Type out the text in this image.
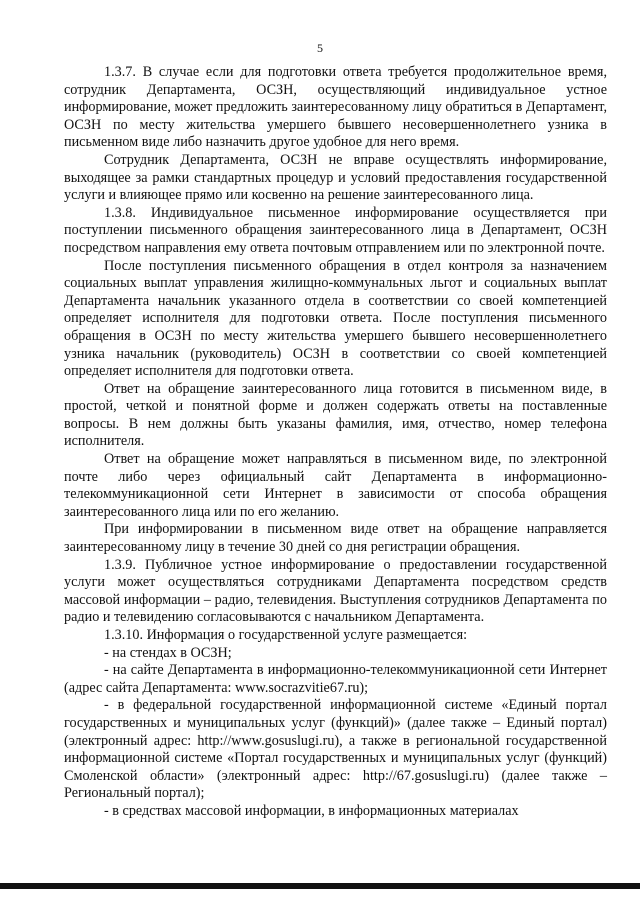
5

1.3.7. В случае если для подготовки ответа требуется продолжительное время, сотрудник Департамента, ОСЗН, осуществляющий индивидуальное устное информирование, может предложить заинтересованному лицу обратиться в Департамент, ОСЗН по месту жительства умершего бывшего несовершеннолетнего узника в письменном виде либо назначить другое удобное для него время.

Сотрудник Департамента, ОСЗН не вправе осуществлять информирование, выходящее за рамки стандартных процедур и условий предоставления государственной услуги и влияющее прямо или косвенно на решение заинтересованного лица.

1.3.8. Индивидуальное письменное информирование осуществляется при поступлении письменного обращения заинтересованного лица в Департамент, ОСЗН посредством направления ему ответа почтовым отправлением или по электронной почте.

После поступления письменного обращения в отдел контроля за назначением социальных выплат управления жилищно-коммунальных льгот и социальных выплат Департамента начальник указанного отдела в соответствии со своей компетенцией определяет исполнителя для подготовки ответа. После поступления письменного обращения в ОСЗН по месту жительства умершего бывшего несовершеннолетнего узника начальник (руководитель) ОСЗН в соответствии со своей компетенцией определяет исполнителя для подготовки ответа.

Ответ на обращение заинтересованного лица готовится в письменном виде, в простой, четкой и понятной форме и должен содержать ответы на поставленные вопросы. В нем должны быть указаны фамилия, имя, отчество, номер телефона исполнителя.

Ответ на обращение может направляться в письменном виде, по электронной почте либо через официальный сайт Департамента в информационно-телекоммуникационной сети Интернет в зависимости от способа обращения заинтересованного лица или по его желанию.

При информировании в письменном виде ответ на обращение направляется заинтересованному лицу в течение 30 дней со дня регистрации обращения.

1.3.9. Публичное устное информирование о предоставлении государственной услуги может осуществляться сотрудниками Департамента посредством средств массовой информации – радио, телевидения. Выступления сотрудников Департамента по радио и телевидению согласовываются с начальником Департамента.

1.3.10. Информация о государственной услуге размещается:

- на стендах в ОСЗН;

- на сайте Департамента в информационно-телекоммуникационной сети Интернет (адрес сайта Департамента: www.socrazvitie67.ru);

- в федеральной государственной информационной системе «Единый портал государственных и муниципальных услуг (функций)» (далее также – Единый портал) (электронный адрес: http://www.gosuslugi.ru), а также в региональной государственной информационной системе «Портал государственных и муниципальных услуг (функций) Смоленской области» (электронный адрес: http://67.gosuslugi.ru) (далее также – Региональный портал);

- в средствах массовой информации, в информационных материалах
